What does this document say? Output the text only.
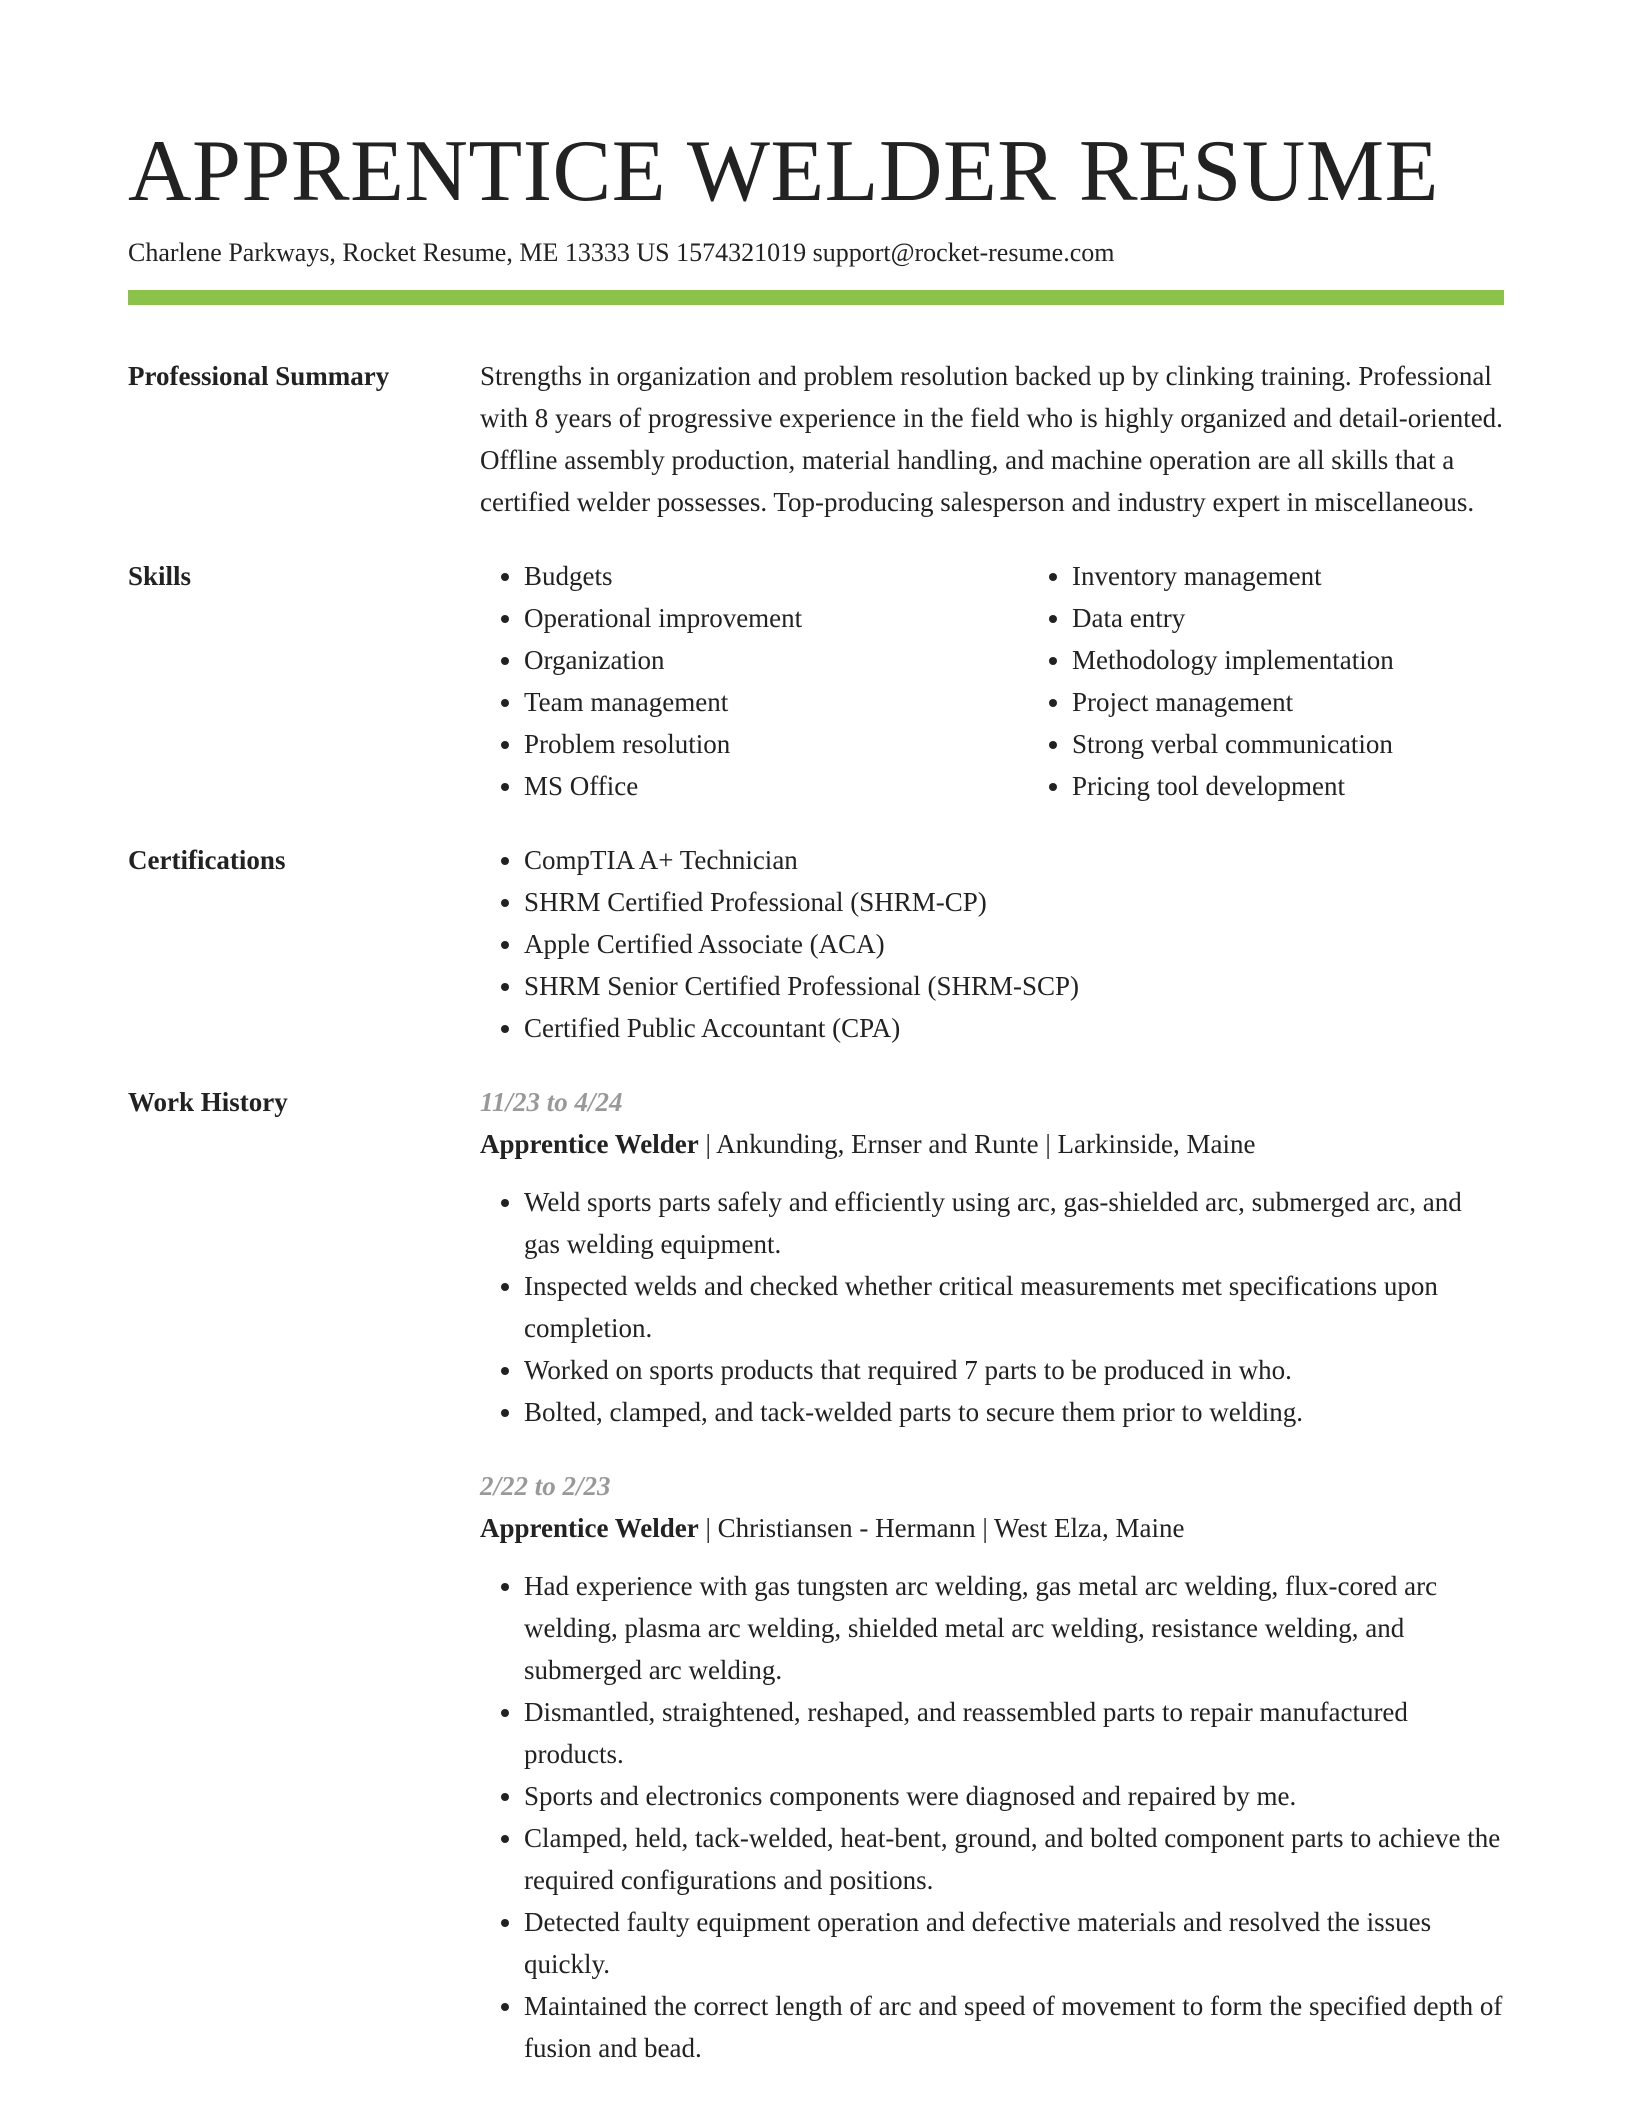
APPRENTICE WELDER RESUME
Charlene Parkways, Rocket Resume, ME 13333 US 1574321019 support@rocket-resume.com
Professional Summary	Strengths in organization and problem resolution backed up by clinking training. Professional with 8 years of progressive experience in the field who is highly organized and detail-oriented. Offline assembly production, material handling, and machine operation are all skills that a certified welder possesses. Top-producing salesperson and industry expert in miscellaneous.
Skills	• Budgets
• Operational improvement
• Organization
• Team management
• Problem resolution
• MS Office
• Inventory management
• Data entry
• Methodology implementation
• Project management
• Strong verbal communication
• Pricing tool development
Certifications	• CompTIA A+ Technician
• SHRM Certified Professional (SHRM-CP)
• Apple Certified Associate (ACA)
• SHRM Senior Certified Professional (SHRM-SCP)
• Certified Public Accountant (CPA)
Work History	11/23 to 4/24
Apprentice Welder | Ankunding, Ernser and Runte | Larkinside, Maine
• Weld sports parts safely and efficiently using arc, gas-shielded arc, submerged arc, and gas welding equipment.
• Inspected welds and checked whether critical measurements met specifications upon completion.
• Worked on sports products that required 7 parts to be produced in who.
• Bolted, clamped, and tack-welded parts to secure them prior to welding.
2/22 to 2/23
Apprentice Welder | Christiansen - Hermann | West Elza, Maine
• Had experience with gas tungsten arc welding, gas metal arc welding, flux-cored arc welding, plasma arc welding, shielded metal arc welding, resistance welding, and submerged arc welding.
• Dismantled, straightened, reshaped, and reassembled parts to repair manufactured products.
• Sports and electronics components were diagnosed and repaired by me.
• Clamped, held, tack-welded, heat-bent, ground, and bolted component parts to achieve the required configurations and positions.
• Detected faulty equipment operation and defective materials and resolved the issues quickly.
• Maintained the correct length of arc and speed of movement to form the specified depth of fusion and bead.
